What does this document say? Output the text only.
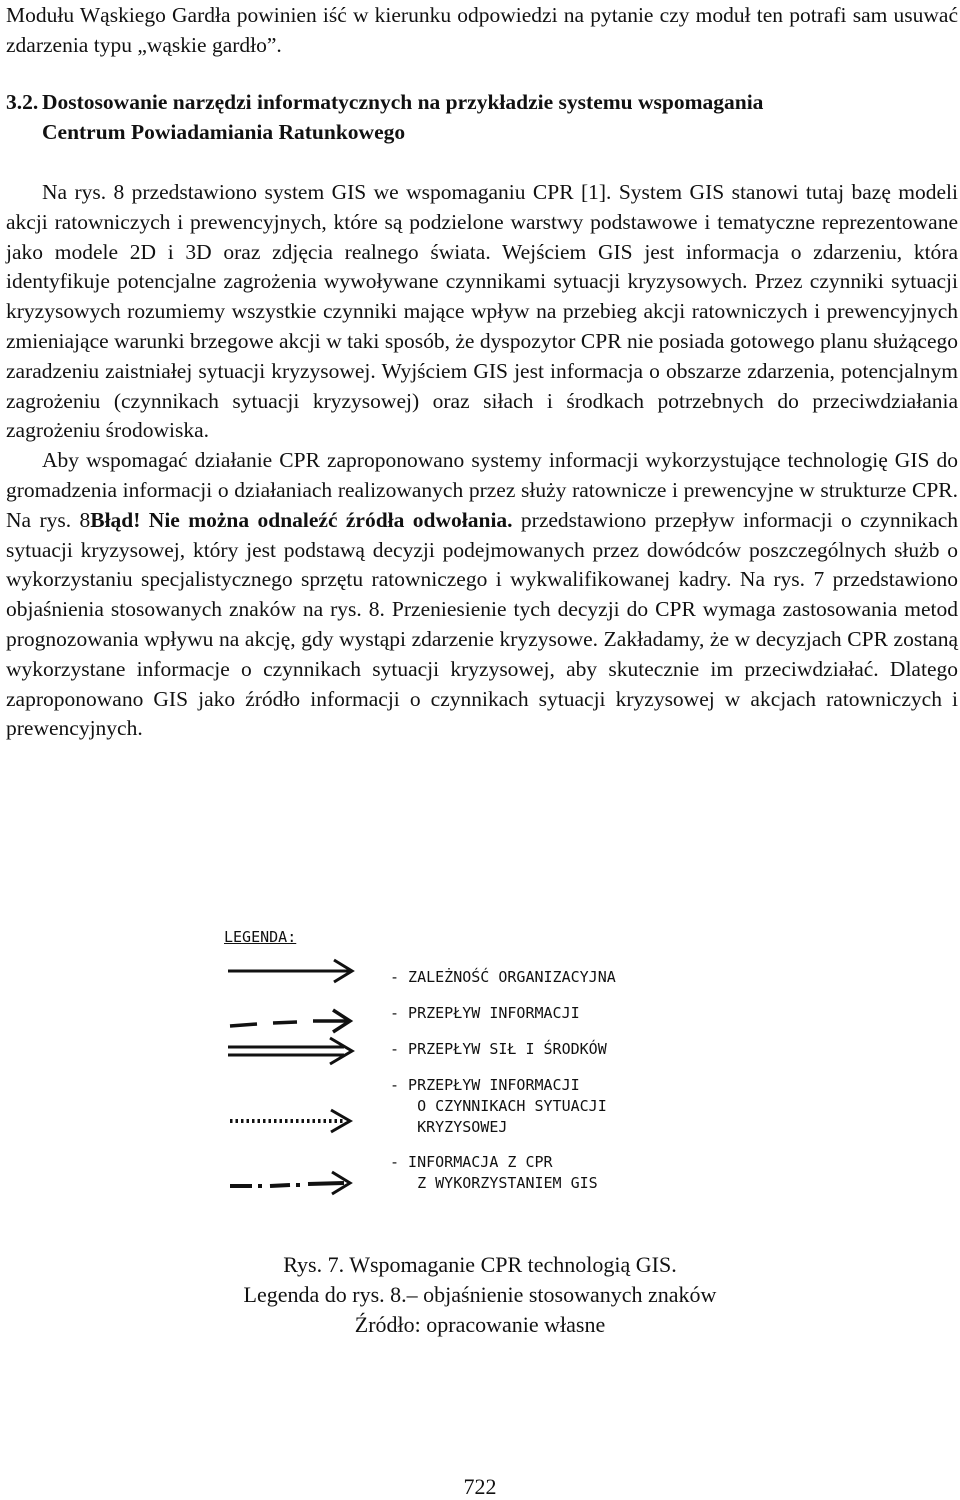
Modułu Wąskiego Gardła powinien iść w kierunku odpowiedzi na pytanie czy moduł ten potrafi sam usuwać zdarzenia typu „wąskie gardło”.

3.2. Dostosowanie narzędzi informatycznych na przykładzie systemu wspomagania
Centrum Powiadamiania Ratunkowego

Na rys. 8 przedstawiono system GIS we wspomaganiu CPR [1]. System GIS stanowi tutaj bazę modeli akcji ratowniczych i prewencyjnych, które są podzielone warstwy podstawowe i tematyczne reprezentowane jako modele 2D i 3D oraz zdjęcia realnego świata. Wejściem GIS jest informacja o zdarzeniu, która identyfikuje potencjalne zagrożenia wywoływane czynnikami sytuacji kryzysowych. Przez czynniki sytuacji kryzysowych rozumiemy wszystkie czynniki mające wpływ na przebieg akcji ratowniczych i prewencyjnych zmieniające warunki brzegowe akcji w taki sposób, że dyspozytor CPR nie posiada gotowego planu służącego zaradzeniu zaistniałej sytuacji kryzysowej. Wyjściem GIS jest informacja o obszarze zdarzenia, potencjalnym zagrożeniu (czynnikach sytuacji kryzysowej) oraz siłach i środkach potrzebnych do przeciwdziałania zagrożeniu środowiska.

Aby wspomagać działanie CPR zaproponowano systemy informacji wykorzystujące technologię GIS do gromadzenia informacji o działaniach realizowanych przez służy ratownicze i prewencyjne w strukturze CPR. Na rys. 8Błąd! Nie można odnaleźć źródła odwołania. przedstawiono przepływ informacji o czynnikach sytuacji kryzysowej, który jest podstawą decyzji podejmowanych przez dowódców poszczególnych służb o wykorzystaniu specjalistycznego sprzętu ratowniczego i wykwalifikowanej kadry. Na rys. 7 przedstawiono objaśnienia stosowanych znaków na rys. 8. Przeniesienie tych decyzji do CPR wymaga zastosowania metod prognozowania wpływu na akcję, gdy wystąpi zdarzenie kryzysowe. Zakładamy, że w decyzjach CPR zostaną wykorzystane informacje o czynnikach sytuacji kryzysowej, aby skutecznie im przeciwdziałać. Dlatego zaproponowano GIS jako źródło informacji o czynnikach sytuacji kryzysowej w akcjach ratowniczych i prewencyjnych.

LEGENDA:
- ZALEŻNOŚĆ ORGANIZACYJNA
- PRZEPŁYW INFORMACJI
- PRZEPŁYW SIŁ I ŚRODKÓW
- PRZEPŁYW INFORMACJI
O CZYNNIKACH SYTUACJI
KRYZYSOWEJ
- INFORMACJA Z CPR
Z WYKORZYSTANIEM GIS
Rys. 7. Wspomaganie CPR technologią GIS.
Legenda do rys. 8.– objaśnienie stosowanych znaków
Źródło: opracowanie własne
722
